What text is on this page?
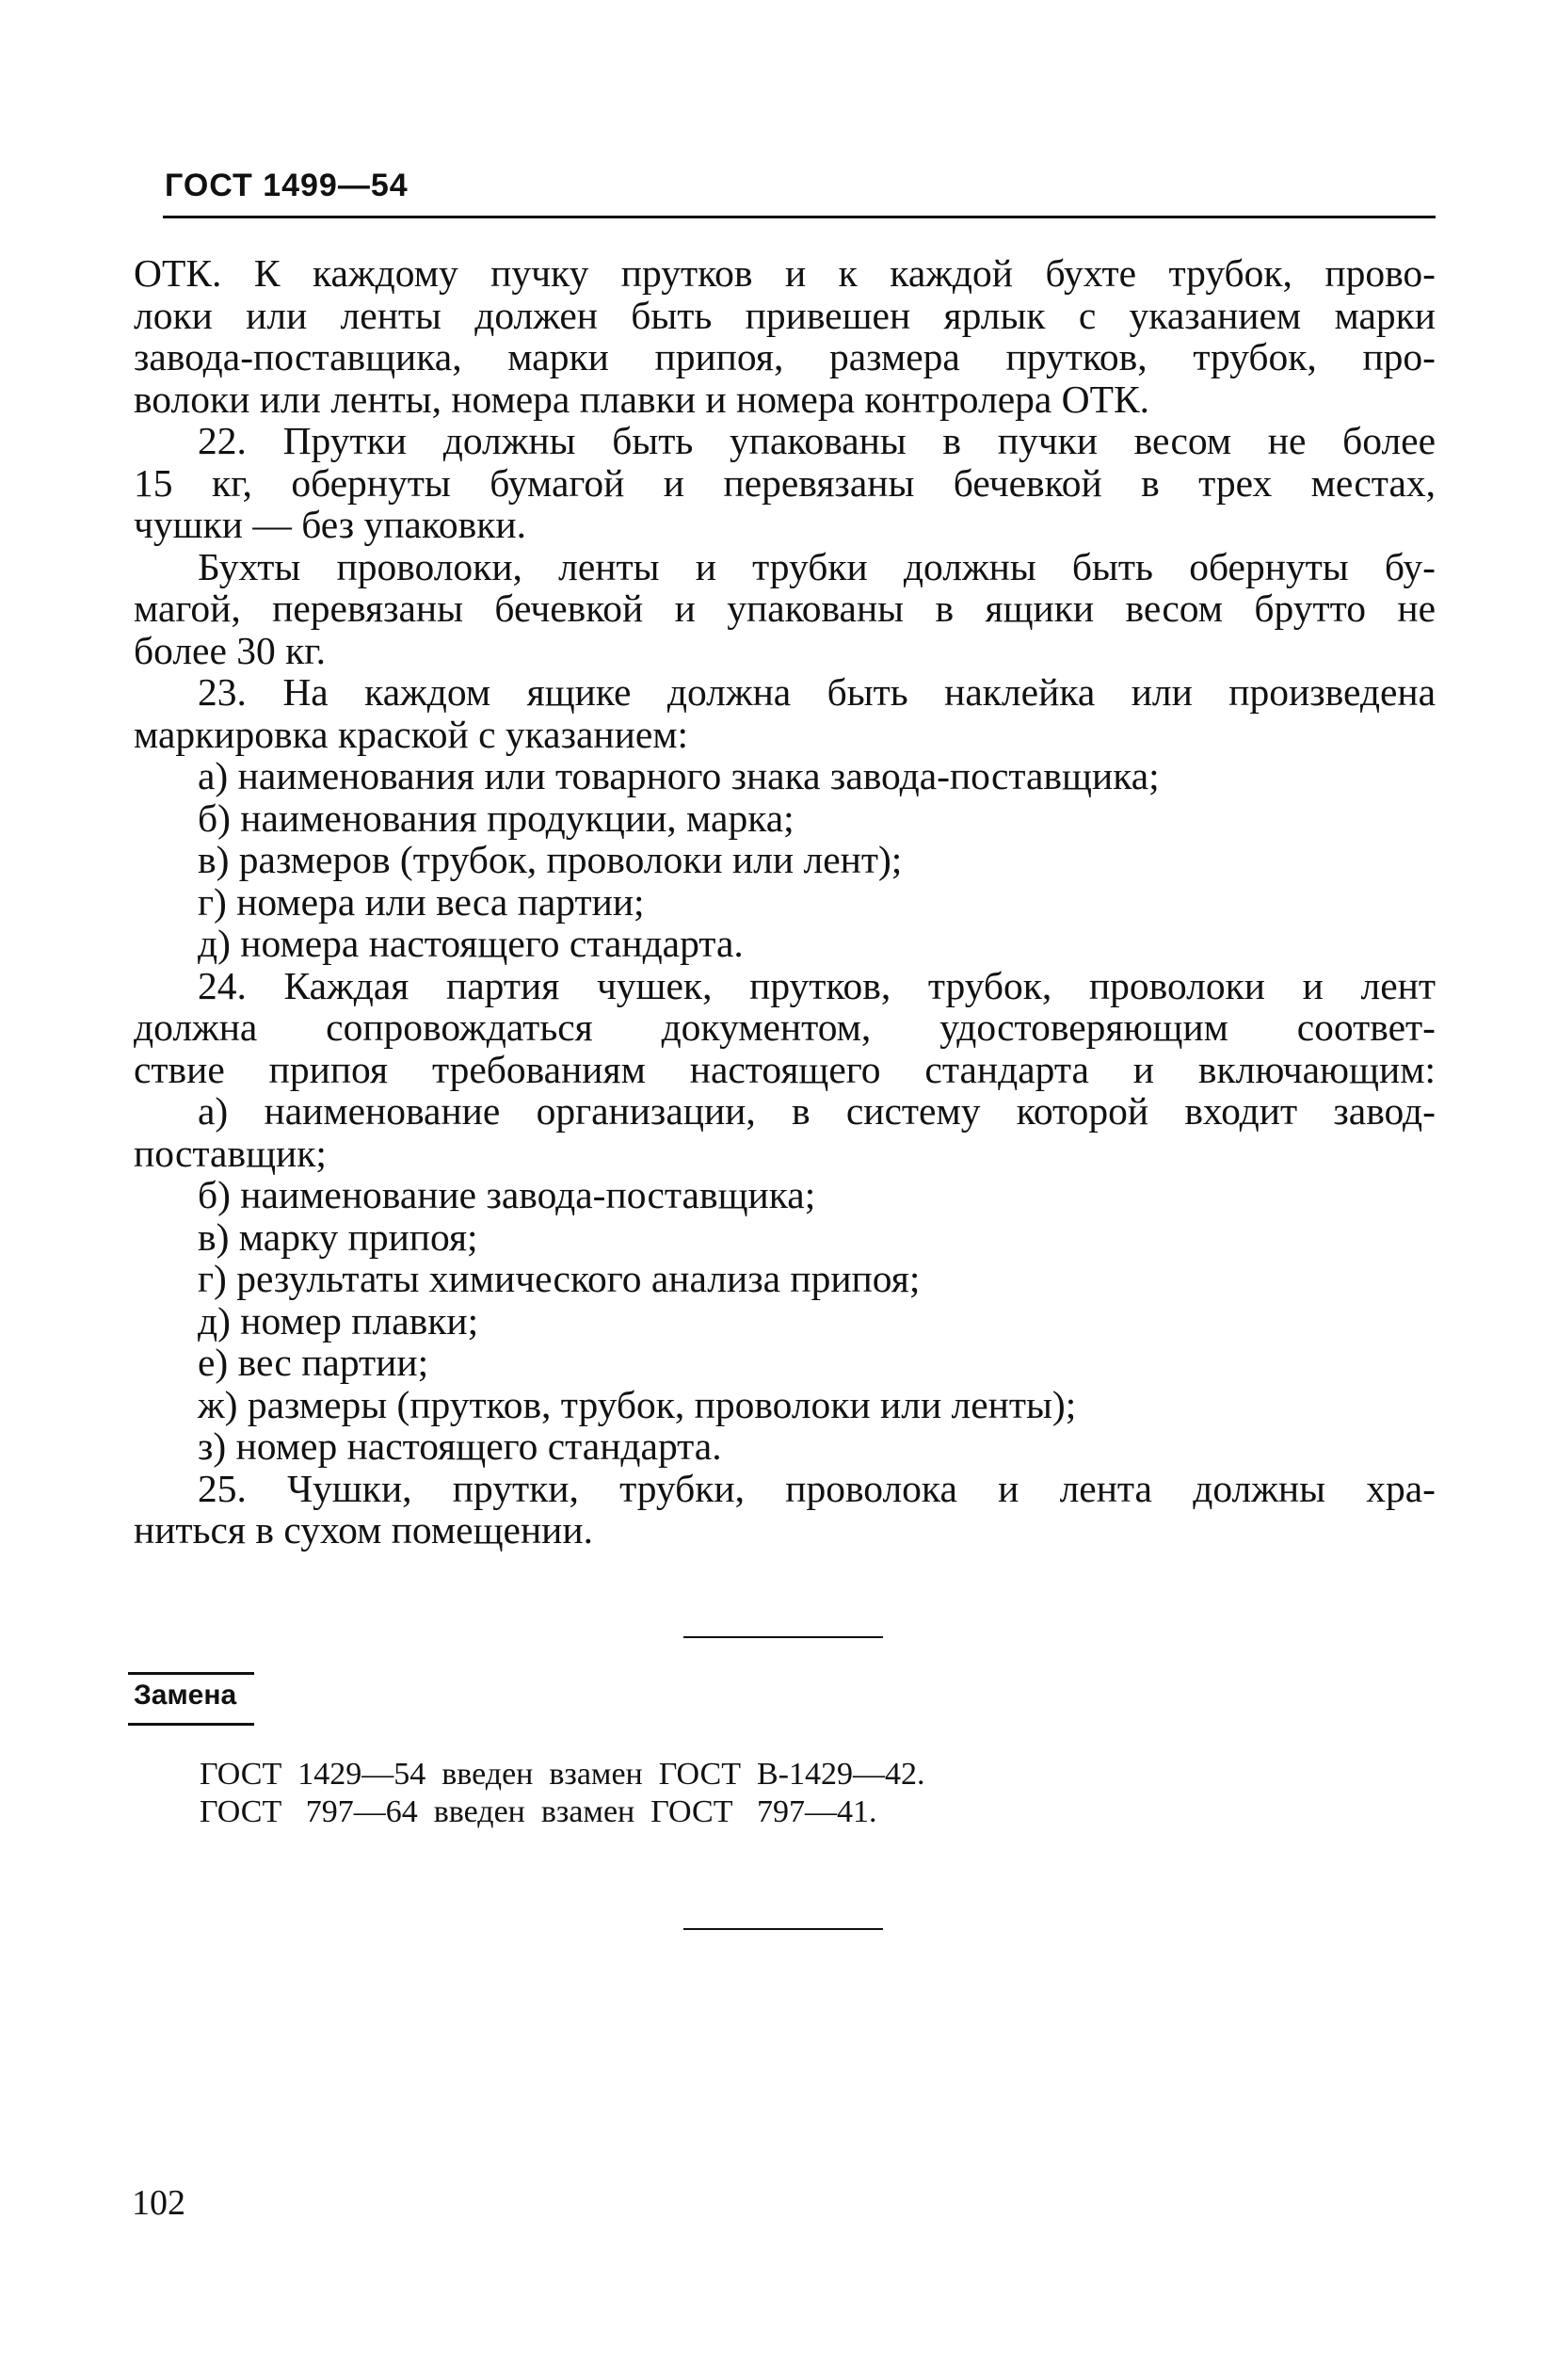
ГОСТ 1499—54

ОТК. К каждому пучку прутков и к каждой бухте трубок, прово-

локи или ленты должен быть привешен ярлык с указанием марки

завода-поставщика, марки припоя, размера прутков, трубок, про-

волоки или ленты, номера плавки и номера контролера ОТК.

22. Прутки должны быть упакованы в пучки весом не более

15 кг, обернуты бумагой и перевязаны бечевкой в трех местах,

чушки — без упаковки.

Бухты проволоки, ленты и трубки должны быть обернуты бу-

магой, перевязаны бечевкой и упакованы в ящики весом брутто не

более 30 кг.

23. На каждом ящике должна быть наклейка или произведена

маркировка краской с указанием:

а) наименования или товарного знака завода-поставщика;

б) наименования продукции, марка;

в) размеров (трубок, проволоки или лент);

г) номера или веса партии;

д) номера настоящего стандарта.

24. Каждая партия чушек, прутков, трубок, проволоки и лент

должна сопровождаться документом, удостоверяющим соответ-

ствие припоя требованиям настоящего стандарта и включающим:

а) наименование организации, в систему которой входит завод-

поставщик;

б) наименование завода-поставщика;

в) марку припоя;

г) результаты химического анализа припоя;

д) номер плавки;

е) вес партии;

ж) размеры (прутков, трубок, проволоки или ленты);

з) номер настоящего стандарта.

25. Чушки, прутки, трубки, проволока и лента должны хра-

ниться в сухом помещении.

Замена

ГОСТ  1429—54  введен  взамен  ГОСТ  В-1429—42.

ГОСТ   797—64  введен  взамен  ГОСТ   797—41.

102
